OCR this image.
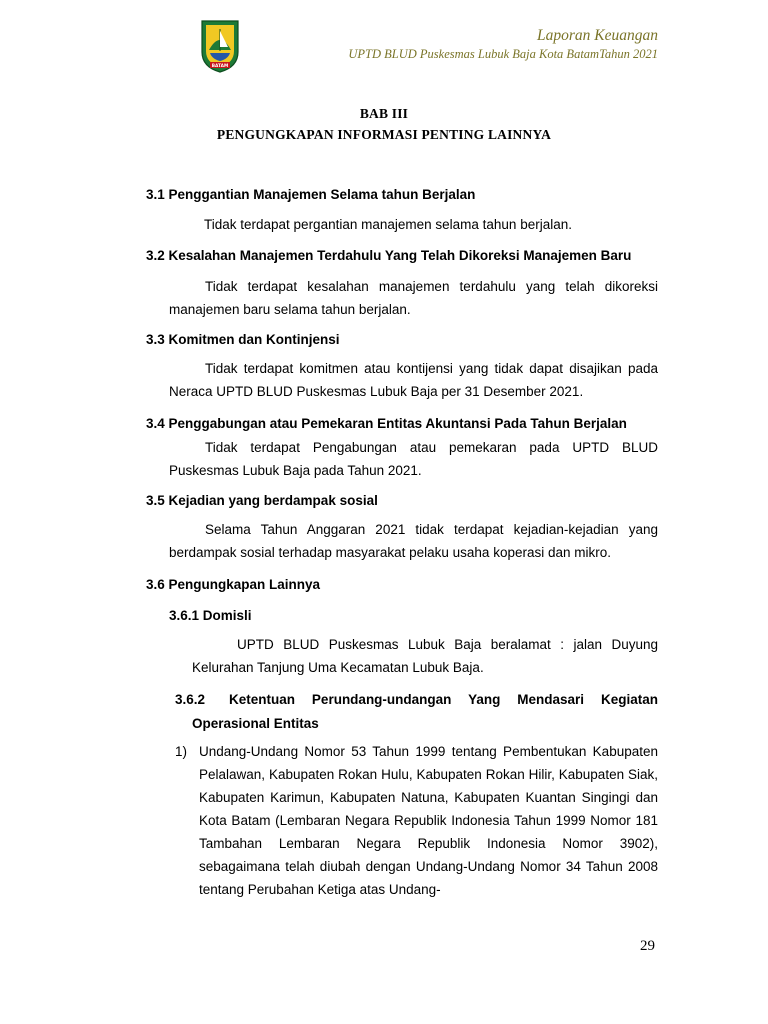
BATAM
Laporan Keuangan
UPTD BLUD Puskesmas Lubuk Baja Kota BatamTahun 2021
BAB III
PENGUNGKAPAN INFORMASI PENTING LAINNYA
3.1 Penggantian Manajemen Selama tahun Berjalan
Tidak terdapat pergantian manajemen selama tahun berjalan.
3.2 Kesalahan Manajemen Terdahulu Yang Telah Dikoreksi Manajemen Baru
Tidak terdapat kesalahan manajemen terdahulu yang telah dikoreksi manajemen baru selama tahun berjalan.
3.3 Komitmen dan Kontinjensi
Tidak terdapat komitmen atau kontijensi yang tidak dapat disajikan pada Neraca UPTD BLUD Puskesmas Lubuk Baja per 31 Desember 2021.
3.4 Penggabungan atau Pemekaran Entitas Akuntansi Pada Tahun Berjalan
Tidak terdapat Pengabungan atau pemekaran pada UPTD BLUD Puskesmas Lubuk Baja pada Tahun 2021.
3.5 Kejadian yang berdampak sosial
Selama Tahun Anggaran 2021 tidak terdapat kejadian-kejadian yang berdampak sosial terhadap masyarakat pelaku usaha koperasi dan mikro.
3.6 Pengungkapan Lainnya
3.6.1 Domisli
UPTD BLUD Puskesmas Lubuk Baja beralamat : jalan Duyung Kelurahan Tanjung Uma Kecamatan Lubuk Baja.
3.6.2	Ketentuan Perundang-undangan Yang Mendasari Kegiatan Operasional Entitas
1) Undang-Undang Nomor 53 Tahun 1999 tentang Pembentukan Kabupaten Pelalawan, Kabupaten Rokan Hulu, Kabupaten Rokan Hilir, Kabupaten Siak, Kabupaten Karimun, Kabupaten Natuna, Kabupaten Kuantan Singingi dan Kota Batam (Lembaran Negara Republik Indonesia Tahun 1999 Nomor 181 Tambahan Lembaran Negara Republik Indonesia Nomor 3902), sebagaimana telah diubah dengan Undang-Undang Nomor 34 Tahun 2008 tentang Perubahan Ketiga atas Undang-
29
